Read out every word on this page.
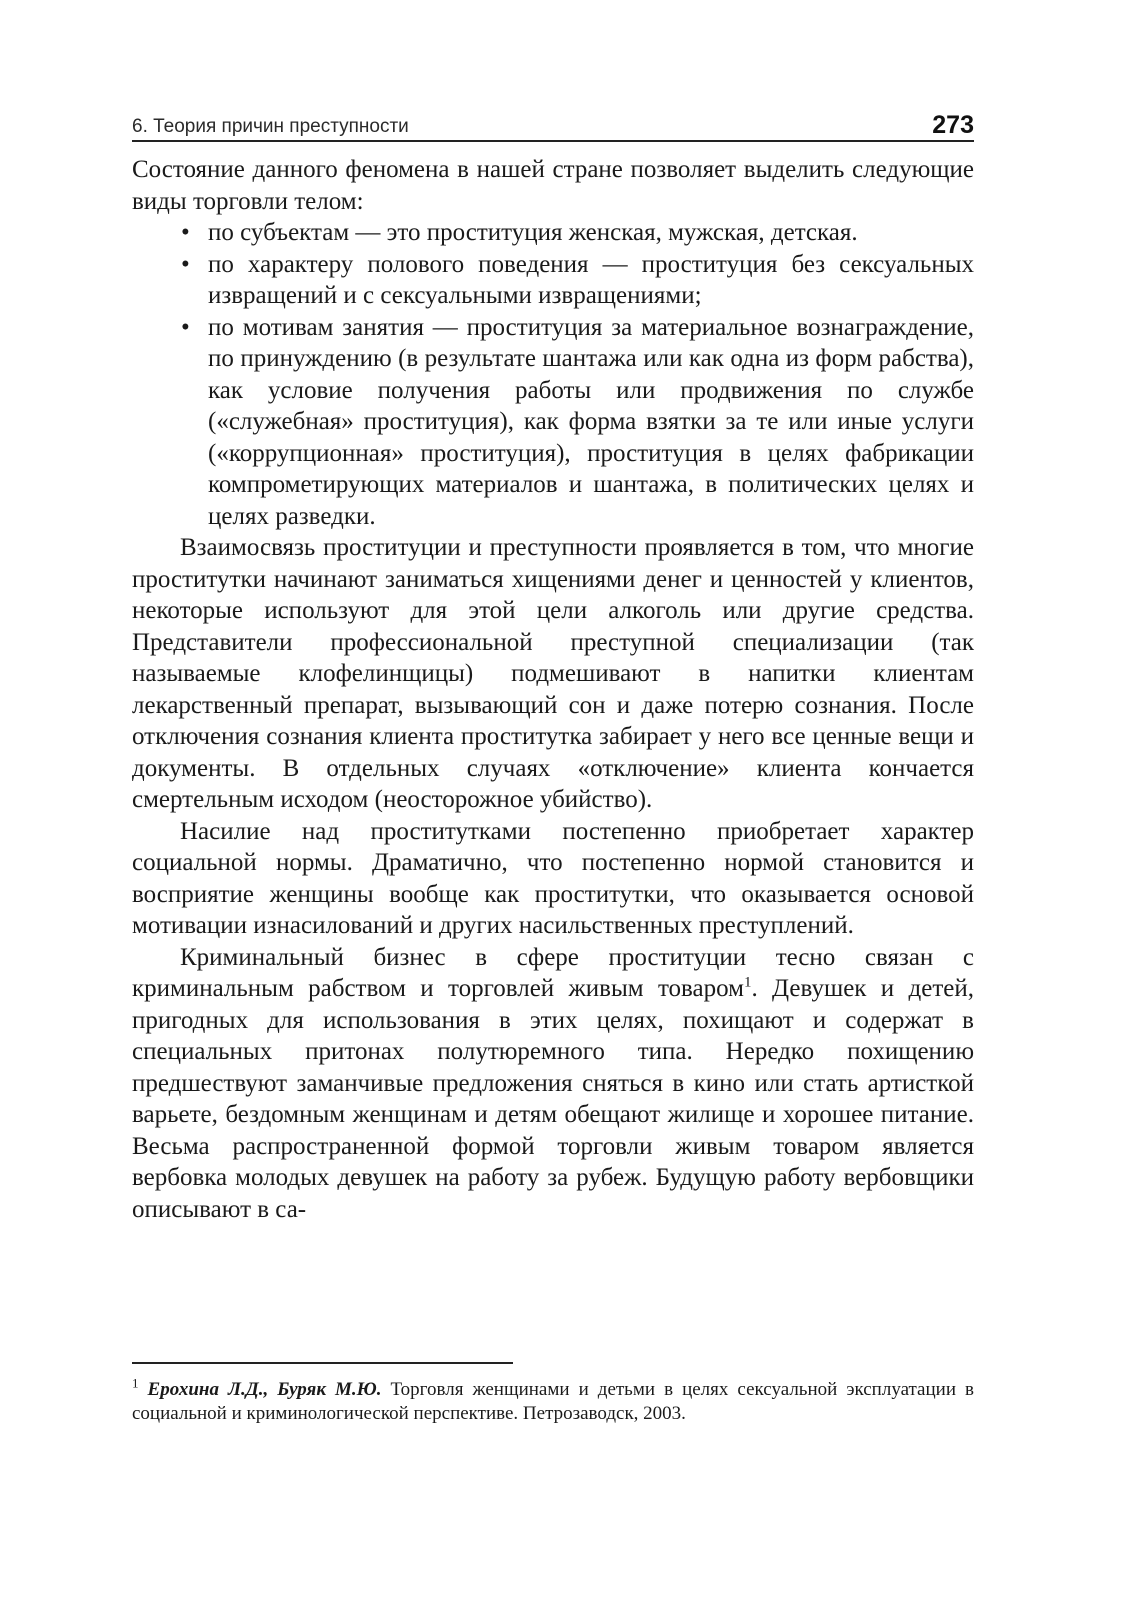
6. Теория причин преступности	273

Состояние данного феномена в нашей стране позволяет выделить следующие виды торговли телом:

• по субъектам — это проституция женская, мужская, детская.
• по характеру полового поведения — проституция без сексуальных извращений и с сексуальными извращениями;
• по мотивам занятия — проституция за материальное вознаграждение, по принуждению (в результате шантажа или как одна из форм рабства), как условие получения работы или продвижения по службе («служебная» проституция), как форма взятки за те или иные услуги («коррупционная» проституция), проституция в целях фабрикации компрометирующих материалов и шантажа, в политических целях и целях разведки.

Взаимосвязь проституции и преступности проявляется в том, что многие проститутки начинают заниматься хищениями денег и ценностей у клиентов, некоторые используют для этой цели алкоголь или другие средства. Представители профессиональной преступной специализации (так называемые клофелинщицы) подмешивают в напитки клиентам лекарственный препарат, вызывающий сон и даже потерю сознания. После отключения сознания клиента проститутка забирает у него все ценные вещи и документы. В отдельных случаях «отключение» клиента кончается смертельным исходом (неосторожное убийство).

Насилие над проститутками постепенно приобретает характер социальной нормы. Драматично, что постепенно нормой становится и восприятие женщины вообще как проститутки, что оказывается основой мотивации изнасилований и других насильственных преступлений.

Криминальный бизнес в сфере проституции тесно связан с криминальным рабством и торговлей живым товаром$^1$. Девушек и детей, пригодных для использования в этих целях, похищают и содержат в специальных притонах полутюремного типа. Нередко похищению предшествуют заманчивые предложения сняться в кино или стать артисткой варьете, бездомным женщинам и детям обещают жилище и хорошее питание. Весьма распространенной формой торговли живым товаром является вербовка молодых девушек на работу за рубеж. Будущую работу вербовщики описывают в са-

$^1$ Ерохина Л.Д., Буряк М.Ю. Торговля женщинами и детьми в целях сексуальной эксплуатации в социальной и криминологической перспективе. Петрозаводск, 2003.
